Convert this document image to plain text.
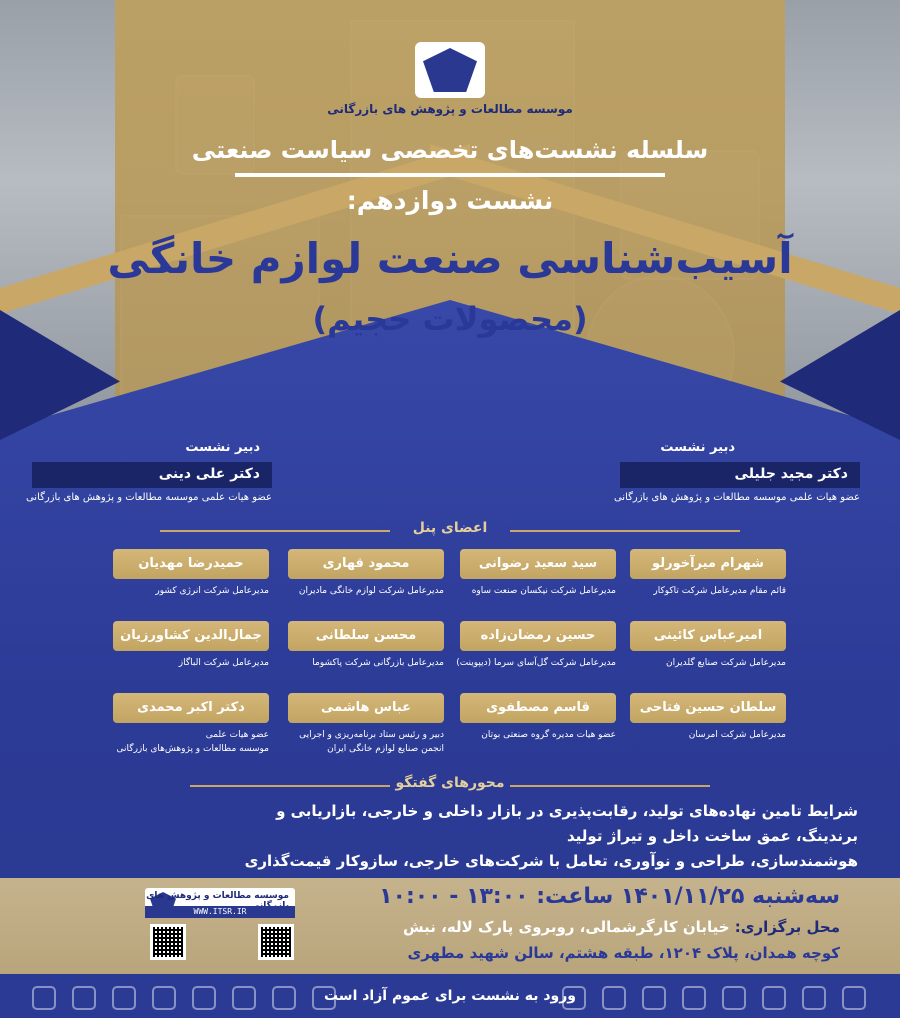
موسسه مطالعات و پژوهش های بازرگانی
سلسله نشست‌های تخصصی سیاست صنعتی
نشست دوازدهم:
آسیب‌شناسی صنعت لوازم خانگی
(محصولات حجیم)
دبیر نشست
دکتر مجید جلیلی
عضو هیات علمی موسسه مطالعات و پژوهش های بازرگانی
دبیر نشست
دکتر علی دینی
عضو هیات علمی موسسه مطالعات و پژوهش های بازرگانی
اعضای پنل
شهرام میرآخورلو
قائم مقام مدیرعامل شرکت تاکوکار
سید سعید رضوانی
مدیرعامل شرکت نیکسان صنعت ساوه
محمود قهاری
مدیرعامل شرکت لوازم خانگی مادیران
حمیدرضا مهدیان
مدیرعامل شرکت انرژی کشور
امیرعباس کائینی
مدیرعامل شرکت صنایع گلدیران
حسین رمضان‌زاده
مدیرعامل شرکت گل‌آسای سرما (دیپوینت)
محسن سلطانی
مدیرعامل بازرگانی شرکت پاکشوما
جمال‌الدین کشاورزیان
مدیرعامل شرکت الباگاز
سلطان حسین فتاحی
مدیرعامل شرکت امرسان
قاسم مصطفوی
عضو هیات مدیره گروه صنعتی بوتان
عباس هاشمی
دبیر و رئیس ستاد برنامه‌ریزی و اجرایی
انجمن صنایع لوازم خانگی ایران
دکتر اکبر محمدی
عضو هیات علمی
موسسه مطالعات و پژوهش‌های بازرگانی
محورهای گفتگو
شرایط تامین نهاده‌های تولید، رقابت‌پذیری در بازار داخلی و خارجی، بازاریابی و
برندینگ، عمق ساخت داخل و تیراژ تولید
هوشمندسازی، طراحی و نوآوری، تعامل با شرکت‌های خارجی، سازوکار قیمت‌گذاری
سه‌شنبه ۱۴۰۱/۱۱/۲۵ ساعت: ۱۳:۰۰ - ۱۰:۰۰
محل برگزاری: خیابان کارگرشمالی، روبروی پارک لاله، نبش
کوچه همدان، پلاک ۱۲۰۴، طبقه هشتم، سالن شهید مطهری
موسسه مطالعات و پژوهش های
WWW.ITSR.IR
ورود به نشست برای عموم آزاد است
